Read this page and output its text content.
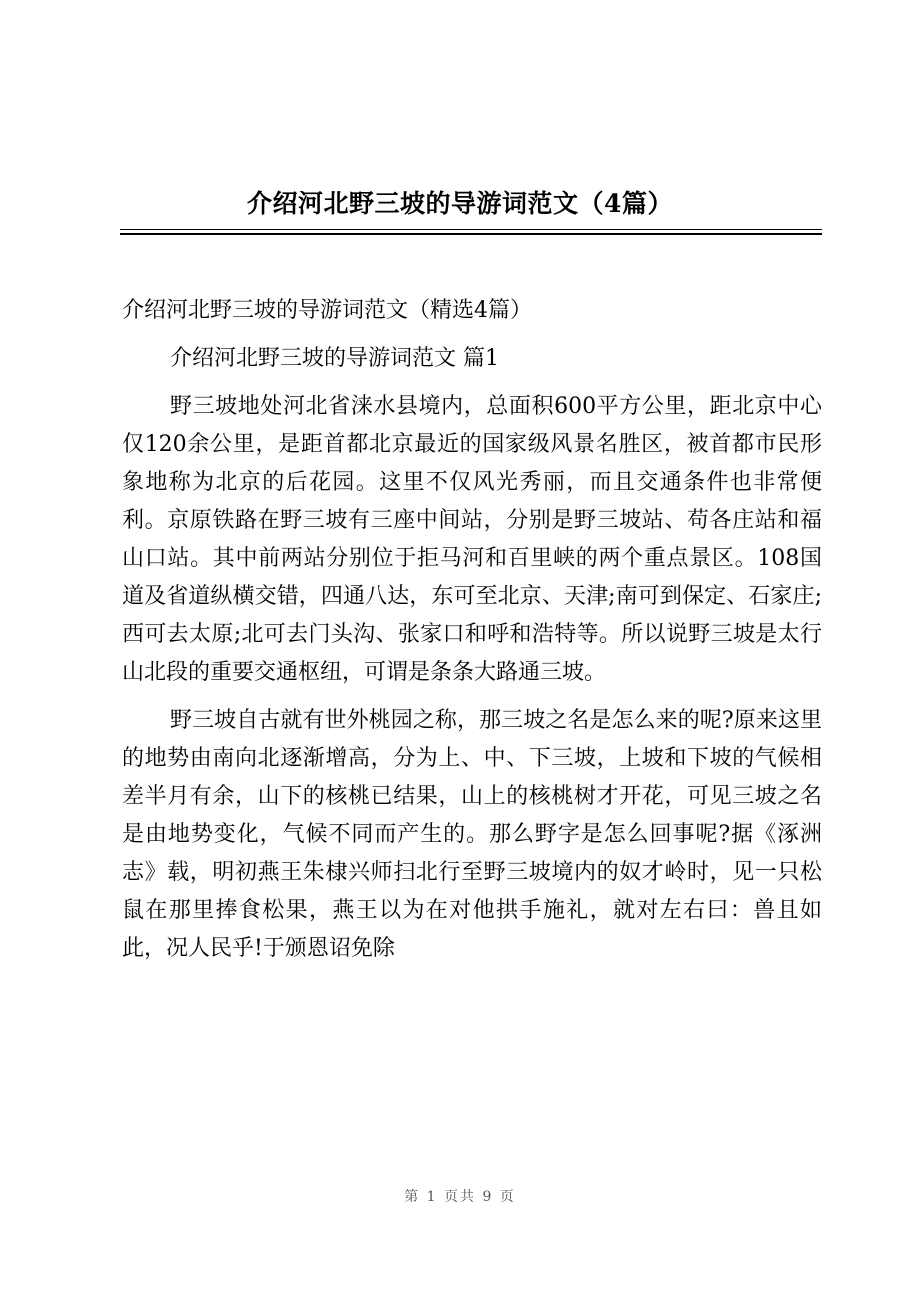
介绍河北野三坡的导游词范文（4篇）

介绍河北野三坡的导游词范文（精选4篇）

介绍河北野三坡的导游词范文 篇1

野三坡地处河北省涞水县境内，总面积600平方公里，距北京中心仅120余公里，是距首都北京最近的国家级风景名胜区，被首都市民形象地称为北京的后花园。这里不仅风光秀丽，而且交通条件也非常便利。京原铁路在野三坡有三座中间站，分别是野三坡站、苟各庄站和福山口站。其中前两站分别位于拒马河和百里峡的两个重点景区。108国道及省道纵横交错，四通八达，东可至北京、天津;南可到保定、石家庄;西可去太原;北可去门头沟、张家口和呼和浩特等。所以说野三坡是太行山北段的重要交通枢纽，可谓是条条大路通三坡。

野三坡自古就有世外桃园之称，那三坡之名是怎么来的呢?原来这里的地势由南向北逐渐增高，分为上、中、下三坡，上坡和下坡的气候相差半月有余，山下的核桃已结果，山上的核桃树才开花，可见三坡之名是由地势变化，气候不同而产生的。那么野字是怎么回事呢?据《涿洲志》载，明初燕王朱棣兴师扫北行至野三坡境内的奴才岭时，见一只松鼠在那里捧食松果，燕王以为在对他拱手施礼，就对左右曰：兽且如此，况人民乎!于颁恩诏免除

第 1 页共 9 页
